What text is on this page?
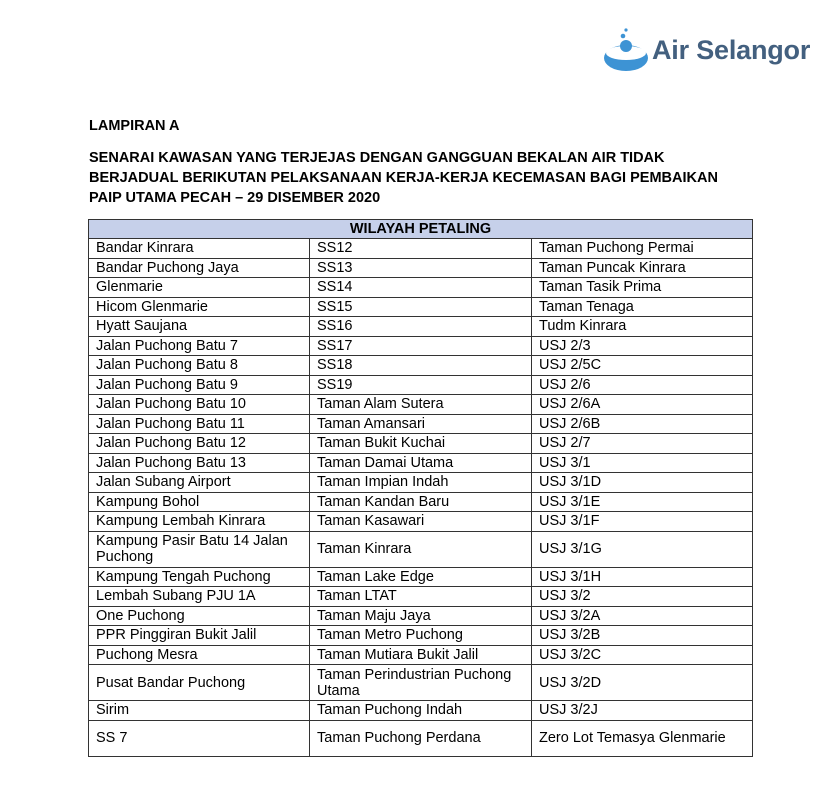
Air Selangor
LAMPIRAN A
SENARAI KAWASAN YANG TERJEJAS DENGAN GANGGUAN BEKALAN AIR TIDAK BERJADUAL BERIKUTAN PELAKSANAAN KERJA-KERJA KECEMASAN BAGI PEMBAIKAN PAIP UTAMA PECAH – 29 DISEMBER 2020
WILAYAH PETALING		
Bandar Kinrara	SS12	Taman Puchong Permai
Bandar Puchong Jaya	SS13	Taman Puncak Kinrara
Glenmarie	SS14	Taman Tasik Prima
Hicom Glenmarie	SS15	Taman Tenaga
Hyatt Saujana	SS16	Tudm Kinrara
Jalan Puchong Batu 7	SS17	USJ 2/3
Jalan Puchong Batu 8	SS18	USJ 2/5C
Jalan Puchong Batu 9	SS19	USJ 2/6
Jalan Puchong Batu 10	Taman Alam Sutera	USJ 2/6A
Jalan Puchong Batu 11	Taman Amansari	USJ 2/6B
Jalan Puchong Batu 12	Taman Bukit Kuchai	USJ 2/7
Jalan Puchong Batu 13	Taman Damai Utama	USJ 3/1
Jalan Subang Airport	Taman Impian Indah	USJ 3/1D
Kampung Bohol	Taman Kandan Baru	USJ 3/1E
Kampung Lembah Kinrara	Taman Kasawari	USJ 3/1F
Kampung Pasir Batu 14 Jalan Puchong	Taman Kinrara	USJ 3/1G
Kampung Tengah Puchong	Taman Lake Edge	USJ 3/1H
Lembah Subang PJU 1A	Taman LTAT	USJ 3/2
One Puchong	Taman Maju Jaya	USJ 3/2A
PPR Pinggiran Bukit Jalil	Taman Metro Puchong	USJ 3/2B
Puchong Mesra	Taman Mutiara Bukit Jalil	USJ 3/2C
Pusat Bandar Puchong	Taman Perindustrian Puchong Utama	USJ 3/2D
Sirim	Taman Puchong Indah	USJ 3/2J
SS 7	Taman Puchong Perdana	Zero Lot Temasya Glenmarie
